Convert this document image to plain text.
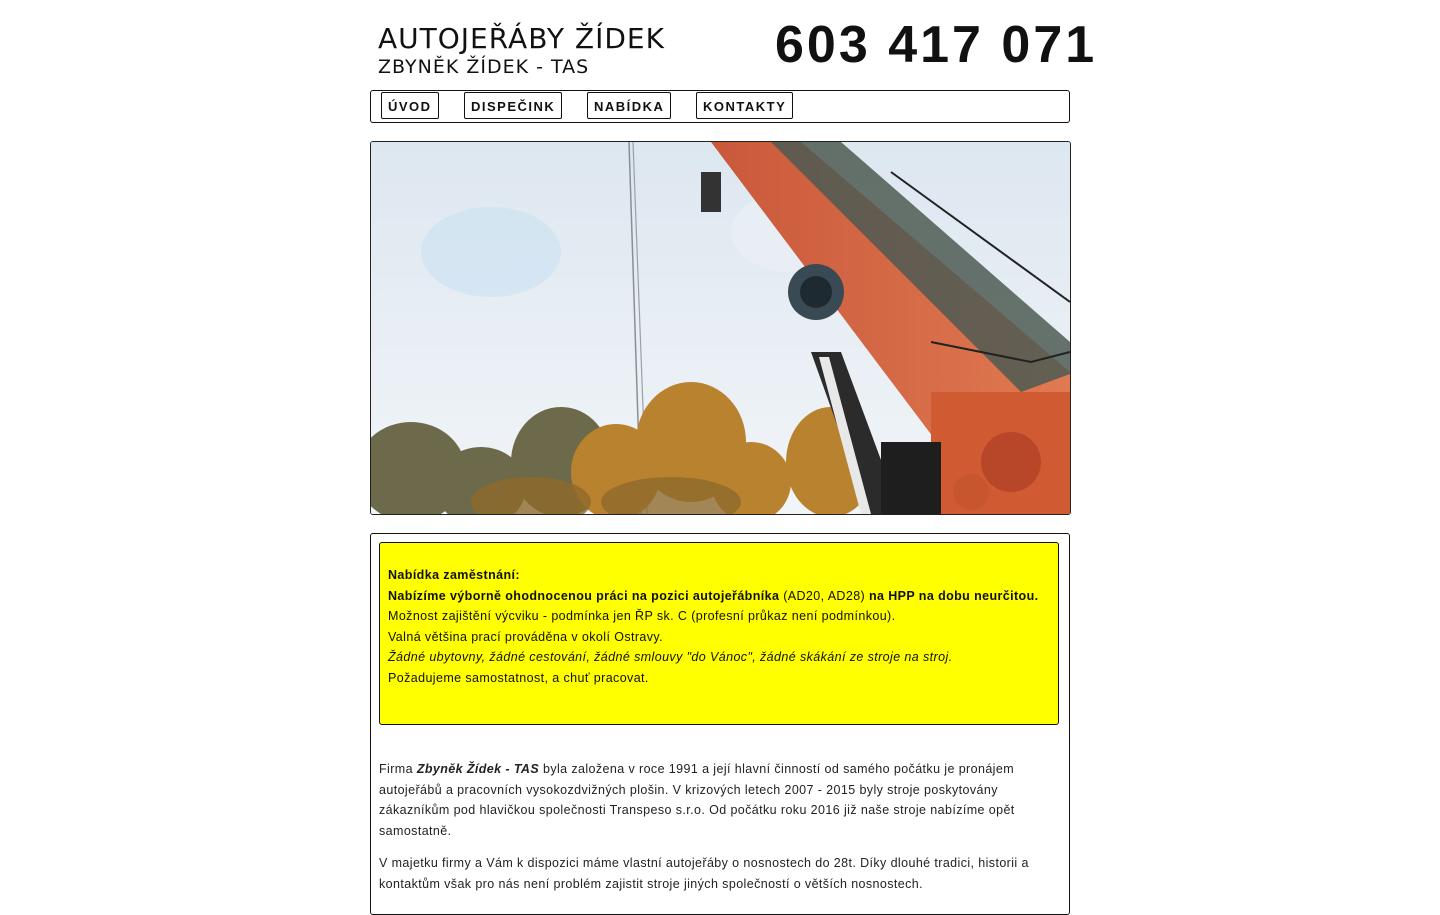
AUTOJEŘÁBY ŽÍDEK
ZBYNĚK ŽÍDEK - TAS	603 417 071
ÚVOD	DISPEČINK	NABÍDKA	KONTAKTY
Nabídka zaměstnání:
Nabízíme výborně ohodnocenou práci na pozici autojeřábníka (AD20, AD28) na HPP na dobu neurčitou.
Možnost zajištění výcviku - podmínka jen ŘP sk. C (profesní průkaz není podmínkou).
Valná většina prací prováděna v okolí Ostravy.
Žádné ubytovny, žádné cestování, žádné smlouvy "do Vánoc", žádné skákání ze stroje na stroj.
Požadujeme samostatnost, a chuť pracovat.
Firma Zbyněk Žídek - TAS byla založena v roce 1991 a její hlavní činností od samého počátku je pronájem autojeřábů a pracovních vysokozdvižných plošin. V krizových letech 2007 - 2015 byly stroje poskytovány zákazníkům pod hlavičkou společnosti Transpeso s.r.o. Od počátku roku 2016 již naše stroje nabízíme opět samostatně.
V majetku firmy a Vám k dispozici máme vlastní autojeřáby o nosnostech do 28t. Díky dlouhé tradici, historii a kontaktům však pro nás není problém zajistit stroje jiných společností o větších nosnostech.
